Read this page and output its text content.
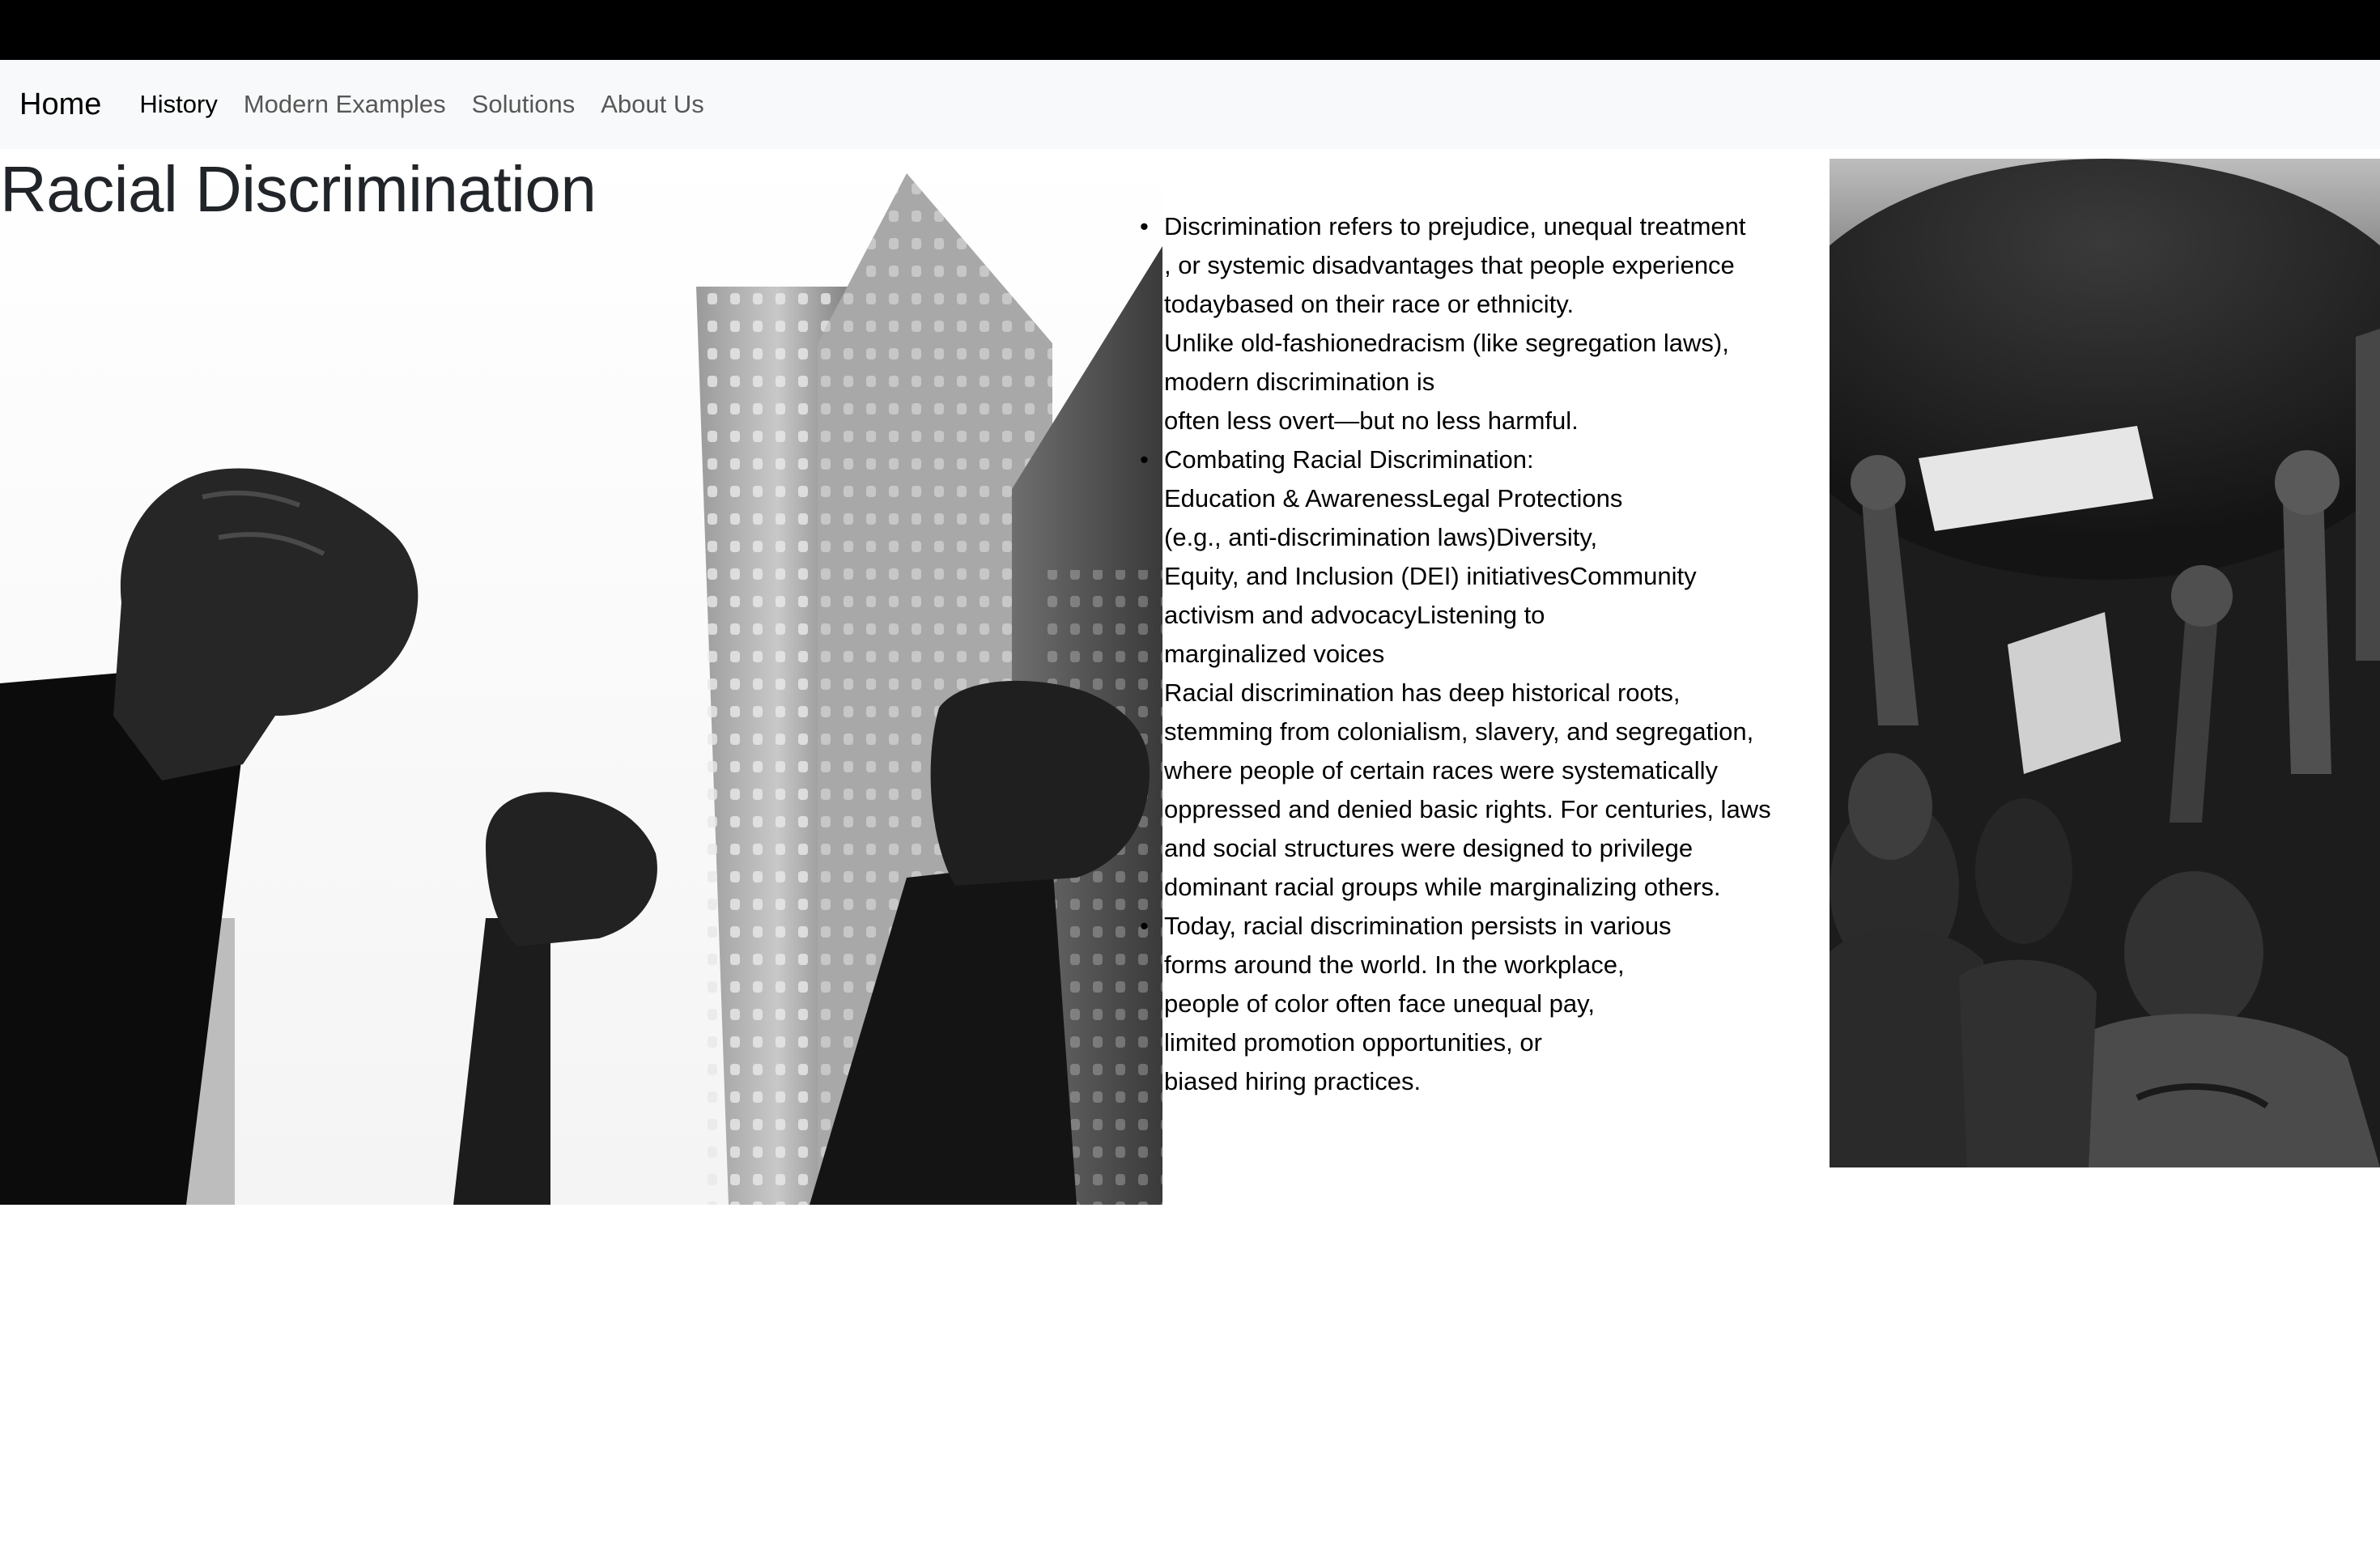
Home History Modern Examples Solutions About Us
Racial Discrimination
• Discrimination refers to prejudice, unequal treatment
, or systemic disadvantages that people experience
todaybased on their race or ethnicity.
Unlike old-fashionedracism (like segregation laws),
modern discrimination is
often less overt—but no less harmful.
• Combating Racial Discrimination:
Education & AwarenessLegal Protections
(e.g., anti-discrimination laws)Diversity,
Equity, and Inclusion (DEI) initiativesCommunity
activism and advocacyListening to
marginalized voices
Racial discrimination has deep historical roots,
stemming from colonialism, slavery, and segregation,
where people of certain races were systematically
oppressed and denied basic rights. For centuries, laws
and social structures were designed to privilege
dominant racial groups while marginalizing others.
• Today, racial discrimination persists in various
forms around the world. In the workplace,
people of color often face unequal pay,
limited promotion opportunities, or
biased hiring practices.
